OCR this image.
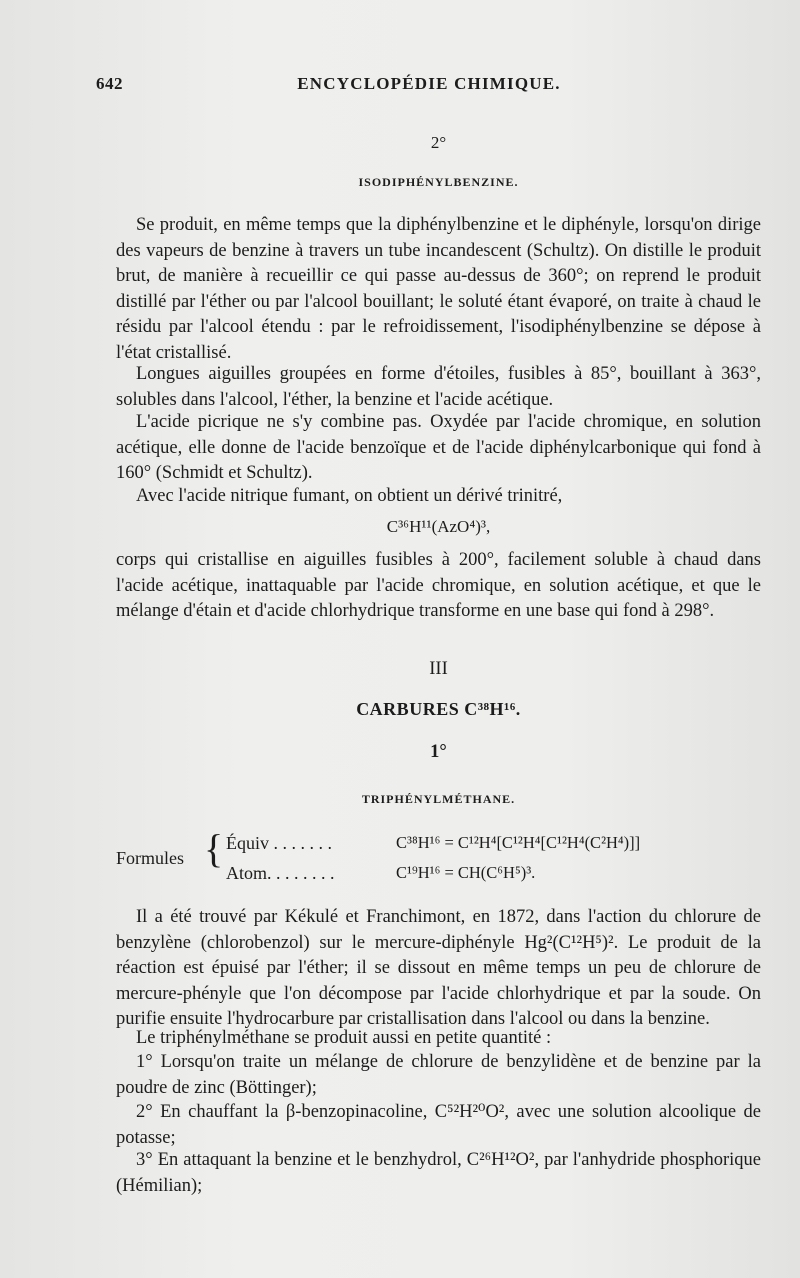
642	ENCYCLOPÉDIE CHIMIQUE.

2°

ISODIPHÉNYLBENZINE.

Se produit, en même temps que la diphénylbenzine et le diphényle, lorsqu'on dirige des vapeurs de benzine à travers un tube incandescent (Schultz). On distille le produit brut, de manière à recueillir ce qui passe au-dessus de 360°; on reprend le produit distillé par l'éther ou par l'alcool bouillant; le soluté étant évaporé, on traite à chaud le résidu par l'alcool étendu : par le refroidissement, l'isodiphénylbenzine se dépose à l'état cristallisé.

Longues aiguilles groupées en forme d'étoiles, fusibles à 85°, bouillant à 363°, solubles dans l'alcool, l'éther, la benzine et l'acide acétique.

L'acide picrique ne s'y combine pas. Oxydée par l'acide chromique, en solution acétique, elle donne de l'acide benzoïque et de l'acide diphénylcarbonique qui fond à 160° (Schmidt et Schultz).

Avec l'acide nitrique fumant, on obtient un dérivé trinitré,

C³⁶H¹¹(AzO⁴)³,

corps qui cristallise en aiguilles fusibles à 200°, facilement soluble à chaud dans l'acide acétique, inattaquable par l'acide chromique, en solution acétique, et que le mélange d'étain et d'acide chlorhydrique transforme en une base qui fond à 298°.

III

CARBURES C³⁸H¹⁶.

1°

TRIPHÉNYLMÉTHANE.

Formules { Équiv . . . . . . .	C³⁸H¹⁶ = C¹²H⁴[C¹²H⁴[C¹²H⁴(C²H⁴)]]
Atom. . . . . . . .	C¹⁹H¹⁶ = CH(C⁶H⁵)³.

Il a été trouvé par Kékulé et Franchimont, en 1872, dans l'action du chlorure de benzylène (chlorobenzol) sur le mercure-diphényle Hg²(C¹²H⁵)². Le produit de la réaction est épuisé par l'éther; il se dissout en même temps un peu de chlorure de mercure-phényle que l'on décompose par l'acide chlorhydrique et par la soude. On purifie ensuite l'hydrocarbure par cristallisation dans l'alcool ou dans la benzine.

Le triphénylméthane se produit aussi en petite quantité :

1° Lorsqu'on traite un mélange de chlorure de benzylidène et de benzine par la poudre de zinc (Böttinger);

2° En chauffant la β-benzopinacoline, C⁵²H²⁰O², avec une solution alcoolique de potasse;

3° En attaquant la benzine et le benzhydrol, C²⁶H¹²O², par l'anhydride phosphorique (Hémilian);
